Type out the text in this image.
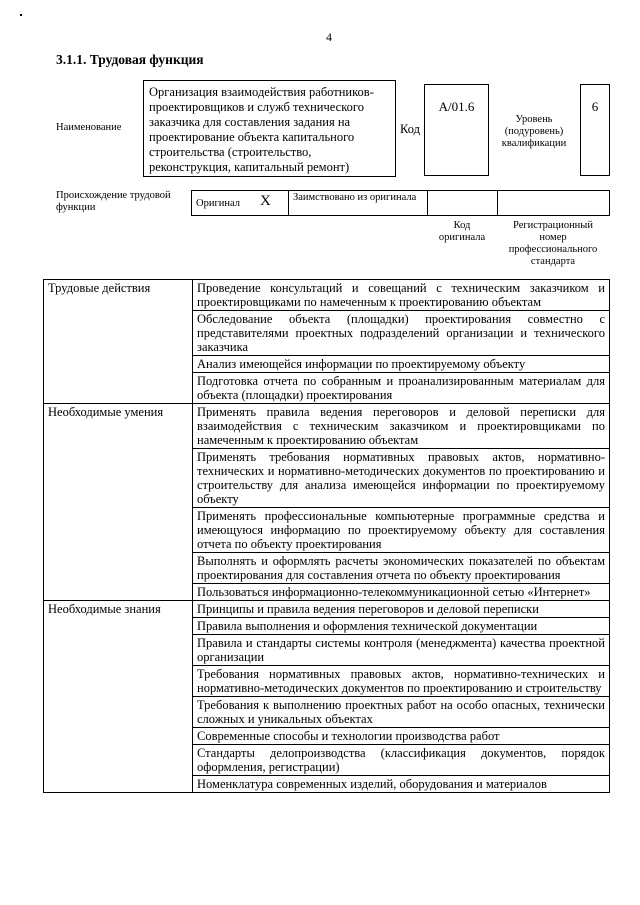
4
3.1.1. Трудовая функция
Наименование
Организация взаимодействия работников-проектировщиков и служб технического заказчика для составления задания на проектирование объекта капитального строительства (строительство, реконструкция, капитальный ремонт)
Код
А/01.6
Уровень (подуровень) квалификации
6
Происхождение трудовой функции	Оригинал X Заимствовано из оригинала
Код оригинала
Регистрационный номер профессионального стандарта
Трудовые действия	Проведение консультаций и совещаний с техническим заказчиком и проектировщиками по намеченным к проектированию объектам
	Обследование объекта (площадки) проектирования совместно с представителями проектных подразделений организации и технического заказчика
	Анализ имеющейся информации по проектируемому объекту
	Подготовка отчета по собранным и проанализированным материалам для объекта (площадки) проектирования
Необходимые умения	Применять правила ведения переговоров и деловой переписки для взаимодействия с техническим заказчиком и проектировщиками по намеченным к проектированию объектам
	Применять требования нормативных правовых актов, нормативно-технических и нормативно-методических документов по проектированию и строительству для анализа имеющейся информации по проектируемому объекту
	Применять профессиональные компьютерные программные средства и имеющуюся информацию по проектируемому объекту для составления отчета по объекту проектирования
	Выполнять и оформлять расчеты экономических показателей по объектам проектирования для составления отчета по объекту проектирования
	Пользоваться информационно-телекоммуникационной сетью «Интернет»
Необходимые знания	Принципы и правила ведения переговоров и деловой переписки
	Правила выполнения и оформления технической документации
	Правила и стандарты системы контроля (менеджмента) качества проектной организации
	Требования нормативных правовых актов, нормативно-технических и нормативно-методических документов по проектированию и строительству
	Требования к выполнению проектных работ на особо опасных, технически сложных и уникальных объектах
	Современные способы и технологии производства работ
	Стандарты делопроизводства (классификация документов, порядок оформления, регистрации)
	Номенклатура современных изделий, оборудования и материалов
